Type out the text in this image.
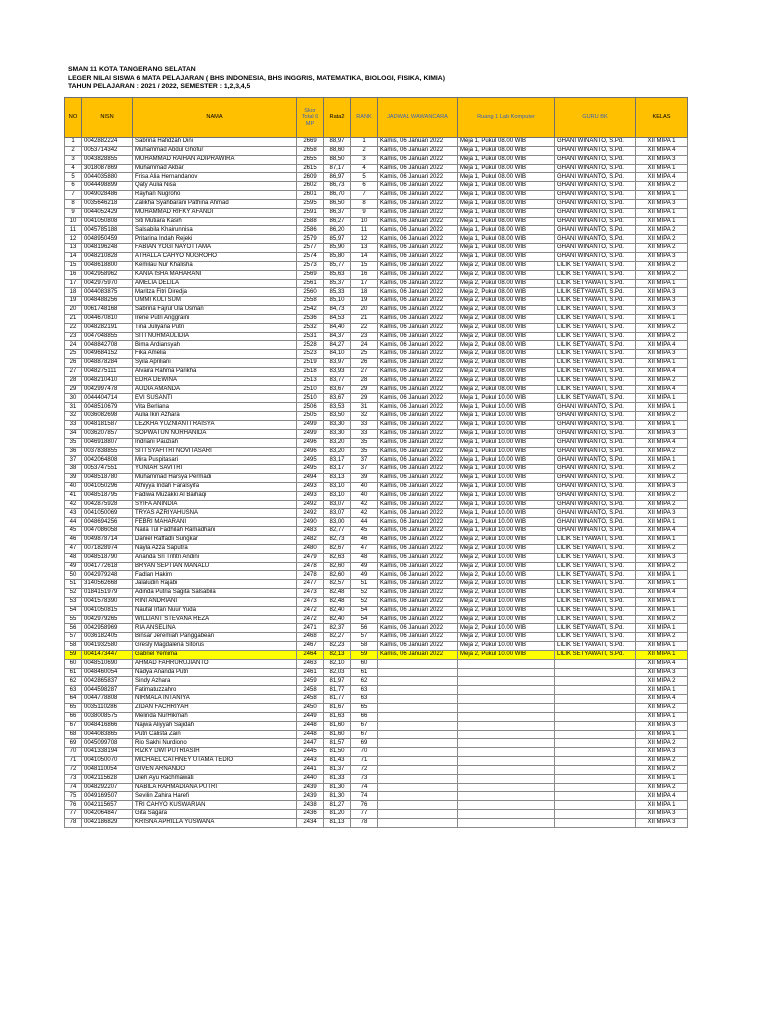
SMAN 11 KOTA TANGERANG SELATAN
LEGER NILAI SISWA 6 MATA PELAJARAN ( BHS INDONESIA, BHS INGGRIS, MATEMATIKA, BIOLOGI, FISIKA, KIMIA)
TAHUN PELAJARAN : 2021 / 2022, SEMESTER : 1,2,3,4,5
NO	NISN	NAMA	Skor Total 6 MP	Rata2	RANK	JADWAL WAWANCARA	Ruang 1 Lab Komputer	GURU BK	KELAS
1	0042882224	Sabrina Hafidzah Dini	2669	88,97	1	Kamis, 06 Januari 2022	Meja 1, Pukul 08.00 WIB	GHANI WINANTO, S.Pd.	XII MIPA 1
2	0053714342	Muhammad Abdul Ghofur	2658	88,60	2	Kamis, 06 Januari 2022	Meja 1, Pukul 08.00 WIB	GHANI WINANTO, S.Pd.	XII MIPA 4
3	0043828855	MUHAMMAD RAIHAN ADIPRAWIRA	2655	88,50	3	Kamis, 06 Januari 2022	Meja 1, Pukul 08.00 WIB	GHANI WINANTO, S.Pd.	XII MIPA 3
4	3018087869	Muhammad Akbar	2615	87,17	4	Kamis, 06 Januari 2022	Meja 1, Pukul 08.00 WIB	GHANI WINANTO, S.Pd.	XII MIPA 1
5	0044035880	Frisa Alia Hernandanov	2609	86,97	5	Kamis, 06 Januari 2022	Meja 1, Pukul 08.00 WIB	GHANI WINANTO, S.Pd.	XII MIPA 4
6	0044498899	Qaty Aulia Nisa	2602	86,73	6	Kamis, 06 Januari 2022	Meja 1, Pukul 08.00 WIB	GHANI WINANTO, S.Pd.	XII MIPA 2
7	0049028486	Rayhan Nugroho	2601	86,70	7	Kamis, 06 Januari 2022	Meja 1, Pukul 08.00 WIB	GHANI WINANTO, S.Pd.	XII MIPA 1
8	0035646218	Zalikha Syahbarani Pathina Ahmad	2595	86,50	8	Kamis, 06 Januari 2022	Meja 1, Pukul 08.00 WIB	GHANI WINANTO, S.Pd.	XII MIPA 3
9	0044052429	MUHAMMAD RIFKY AFANDI	2591	86,37	9	Kamis, 06 Januari 2022	Meja 1, Pukul 08.00 WIB	GHANI WINANTO, S.Pd.	XII MIPA 1
10	0041050808	Siti Mutiara Kasih	2588	86,27	10	Kamis, 06 Januari 2022	Meja 1, Pukul 08.00 WIB	GHANI WINANTO, S.Pd.	XII MIPA 1
11	0045785188	Salsabila Khairunnisa	2586	86,20	11	Kamis, 06 Januari 2022	Meja 1, Pukul 08.00 WIB	GHANI WINANTO, S.Pd.	XII MIPA 2
12	0048950459	Pritarina Indah Rejeki	2579	85,97	12	Kamis, 06 Januari 2022	Meja 1, Pukul 08.00 WIB	GHANI WINANTO, S.Pd.	XII MIPA 2
13	0048196248	FABIAN YOGI NAYOTTAMA	2577	85,90	13	Kamis, 06 Januari 2022	Meja 1, Pukul 08.00 WIB	GHANI WINANTO, S.Pd.	XII MIPA 2
14	0048210828	ATHALLA CAHYO NUGROHO	2574	85,80	14	Kamis, 06 Januari 2022	Meja 1, Pukul 08.00 WIB	GHANI WINANTO, S.Pd.	XII MIPA 3
15	0048618800	Kemilau Nur Khalisha	2573	85,77	15	Kamis, 06 Januari 2022	Meja 2, Pukul 08.00 WIB	LILIK SETYAWATI, S.Pd.	XII MIPA 2
16	0042958962	KANIA ISHA MAHARANI	2569	85,63	16	Kamis, 06 Januari 2022	Meja 2, Pukul 08.00 WIB	LILIK SETYAWATI, S.Pd.	XII MIPA 2
17	0042975970	AMELIA DELILA	2561	85,37	17	Kamis, 06 Januari 2022	Meja 2, Pukul 08.00 WIB	LILIK SETYAWATI, S.Pd.	XII MIPA 1
18	0044083875	Maritza Fitri Diredja	2560	85,33	18	Kamis, 06 Januari 2022	Meja 2, Pukul 08.00 WIB	LILIK SETYAWATI, S.Pd.	XII MIPA 3
19	0048488256	UMMI KULTSUM	2558	85,10	19	Kamis, 06 Januari 2022	Meja 2, Pukul 08.00 WIB	LILIK SETYAWATI, S.Pd.	XII MIPA 3
20	0061748168	Sabrina Fajrul Ula Usman	2542	84,73	20	Kamis, 06 Januari 2022	Meja 2, Pukul 08.00 WIB	LILIK SETYAWATI, S.Pd.	XII MIPA 3
21	0044670810	Irene Putri Anggraini	2536	84,53	21	Kamis, 06 Januari 2022	Meja 2, Pukul 08.00 WIB	LILIK SETYAWATI, S.Pd.	XII MIPA 1
22	0048282191	Tina Juliyana Putri	2532	84,40	22	Kamis, 06 Januari 2022	Meja 2, Pukul 08.00 WIB	LILIK SETYAWATI, S.Pd.	XII MIPA 2
23	0047048855	SITI NURMAULIDIA	2531	84,37	23	Kamis, 06 Januari 2022	Meja 2, Pukul 08.00 WIB	LILIK SETYAWATI, S.Pd.	XII MIPA 2
24	0048842708	Bima Ardiansyah	2528	84,27	24	Kamis, 06 Januari 2022	Meja 2, Pukul 08.00 WIB	LILIK SETYAWATI, S.Pd.	XII MIPA 4
25	0049684152	Fika Amelia	2523	84,10	25	Kamis, 06 Januari 2022	Meja 2, Pukul 08.00 WIB	LILIK SETYAWATI, S.Pd.	XII MIPA 3
26	0048878284	Syila Apriliani	2519	83,97	26	Kamis, 06 Januari 2022	Meja 2, Pukul 08.00 WIB	LILIK SETYAWATI, S.Pd.	XII MIPA 1
27	0048275111	Alvaira Rahma Parikha	2518	83,93	27	Kamis, 06 Januari 2022	Meja 2, Pukul 08.00 WIB	LILIK SETYAWATI, S.Pd.	XII MIPA 4
28	0048210410	EDRA DEWINA	2513	83,77	28	Kamis, 06 Januari 2022	Meja 2, Pukul 08.00 WIB	LILIK SETYAWATI, S.Pd.	XII MIPA 2
29	0042997478	AUDIA AMANDA	2510	83,67	29	Kamis, 06 Januari 2022	Meja 2, Pukul 08.00 WIB	LILIK SETYAWATI, S.Pd.	XII MIPA 4
30	0044404714	EVI SUSANTI	2510	83,67	29	Kamis, 06 Januari 2022	Meja 1, Pukul 10.00 WIB	LILIK SETYAWATI, S.Pd.	XII MIPA 1
31	0048510679	Vita Berliana	2506	83,53	31	Kamis, 06 Januari 2022	Meja 1, Pukul 10.00 WIB	GHANI WINANTO, S.Pd.	XII MIPA 1
32	0036082698	Aulia Ikin Azhara	2505	83,50	32	Kamis, 06 Januari 2022	Meja 1, Pukul 10.00 WIB	GHANI WINANTO, S.Pd.	XII MIPA 2
33	0048181587	LEZKHA YUZNIANTI RAISYA	2499	83,30	33	Kamis, 06 Januari 2022	Meja 1, Pukul 10.00 WIB	GHANI WINANTO, S.Pd.	XII MIPA 1
34	0036207857	SOPWATUN NURHANIDA	2499	83,30	33	Kamis, 06 Januari 2022	Meja 1, Pukul 10.00 WIB	GHANI WINANTO, S.Pd.	XII MIPA 3
35	0046918807	Indriani Pauziah	2496	83,20	35	Kamis, 06 Januari 2022	Meja 1, Pukul 10.00 WIB	GHANI WINANTO, S.Pd.	XII MIPA 4
36	0037838855	SITI SYAFITRI NOVITASARI	2496	83,20	35	Kamis, 06 Januari 2022	Meja 1, Pukul 10.00 WIB	GHANI WINANTO, S.Pd.	XII MIPA 2
37	0042064808	Mira Puspitasari	2495	83,17	37	Kamis, 06 Januari 2022	Meja 1, Pukul 10.00 WIB	GHANI WINANTO, S.Pd.	XII MIPA 1
38	0053747551	YUNIAR SAVITRI	2495	83,17	37	Kamis, 06 Januari 2022	Meja 1, Pukul 10.00 WIB	GHANI WINANTO, S.Pd.	XII MIPA 2
39	0048518780	Muhammad Harsya Permadi	2494	83,13	39	Kamis, 06 Januari 2022	Meja 1, Pukul 10.00 WIB	GHANI WINANTO, S.Pd.	XII MIPA 2
40	0041050296	Athiyya Indah Faralsyifa	2493	83,10	40	Kamis, 06 Januari 2022	Meja 1, Pukul 10.00 WIB	GHANI WINANTO, S.Pd.	XII MIPA 3
41	0048518795	Fadiwa Muzakki Al Baihaqi	2493	83,10	40	Kamis, 06 Januari 2022	Meja 1, Pukul 10.00 WIB	GHANI WINANTO, S.Pd.	XII MIPA 2
42	0042875928	SYIFA ANINDIA	2492	83,07	42	Kamis, 06 Januari 2022	Meja 1, Pukul 10.00 WIB	GHANI WINANTO, S.Pd.	XII MIPA 2
43	0041050069	TRYAS AZRIYAHUSNA	2492	83,07	42	Kamis, 06 Januari 2022	Meja 1, Pukul 10.00 WIB	GHANI WINANTO, S.Pd.	XII MIPA 3
44	0048694256	FEBRI MAHARANI	2490	83,00	44	Kamis, 06 Januari 2022	Meja 1, Pukul 10.00 WIB	GHANI WINANTO, S.Pd.	XII MIPA 1
45	0047086058	Naila Tul Fadhilah Ramadhani	2483	82,77	45	Kamis, 06 Januari 2022	Meja 1, Pukul 10.00 WIB	GHANI WINANTO, S.Pd.	XII MIPA 4
46	0049878714	Daniel Raffadli Sungkar	2482	82,73	46	Kamis, 06 Januari 2022	Meja 2, Pukul 10.00 WIB	LILIK SETYAWATI, S.Pd.	XII MIPA 1
47	0071828974	Nayla Azza Saputra	2480	82,67	47	Kamis, 06 Januari 2022	Meja 2, Pukul 10.00 WIB	LILIK SETYAWATI, S.Pd.	XII MIPA 2
48	0048518790	Ananda Sri Trifitri Andini	2479	82,63	48	Kamis, 06 Januari 2022	Meja 2, Pukul 10.00 WIB	LILIK SETYAWATI, S.Pd.	XII MIPA 3
49	0041772618	BRYAN SEPTIAN MANALU	2478	82,60	49	Kamis, 06 Januari 2022	Meja 2, Pukul 10.00 WIB	LILIK SETYAWATI, S.Pd.	XII MIPA 2
50	0042979248	Fadlan Hakim	2478	82,60	49	Kamis, 06 Januari 2022	Meja 2, Pukul 10.00 WIB	LILIK SETYAWATI, S.Pd.	XII MIPA 1
51	3140562668	Jalaludin Rajabi	2477	82,57	51	Kamis, 06 Januari 2022	Meja 2, Pukul 10.00 WIB	LILIK SETYAWATI, S.Pd.	XII MIPA 1
52	0184151979	Adinda Putria Sagita Salsabila	2473	82,48	52	Kamis, 06 Januari 2022	Meja 2, Pukul 10.00 WIB	LILIK SETYAWATI, S.Pd.	XII MIPA 4
53	0041578390	RINI ANDRIANI	2473	82,48	52	Kamis, 06 Januari 2022	Meja 2, Pukul 10.00 WIB	LILIK SETYAWATI, S.Pd.	XII MIPA 1
54	0041050815	Naufal Irfan Nuur Yuda	2472	82,40	54	Kamis, 06 Januari 2022	Meja 2, Pukul 10.00 WIB	LILIK SETYAWATI, S.Pd.	XII MIPA 1
55	0042979265	WILLIANT STEVANA REZA	2472	82,40	54	Kamis, 06 Januari 2022	Meja 2, Pukul 10.00 WIB	LILIK SETYAWATI, S.Pd.	XII MIPA 2
56	0042958969	RIA ANSELINA	2471	82,37	56	Kamis, 06 Januari 2022	Meja 2, Pukul 10.00 WIB	LILIK SETYAWATI, S.Pd.	XII MIPA 1
57	0036182405	Binsar Jeremiah Panggabean	2468	82,27	57	Kamis, 06 Januari 2022	Meja 2, Pukul 10.00 WIB	LILIK SETYAWATI, S.Pd.	XII MIPA 2
58	0041932580	Gresly Magdalena Sitorus	2467	82,23	58	Kamis, 06 Januari 2022	Meja 2, Pukul 10.00 WIB	LILIK SETYAWATI, S.Pd.	XII MIPA 1
59	0041473447	Gabriel Yemima	2464	82,13	59	Kamis, 06 Januari 2022	Meja 2, Pukul 10.00 WIB	LILIK SETYAWATI, S.Pd.	XII MIPA 1
60	0048510690	AHMAD FAHRURUJIANTO	2463	82,10	60				XII MIPA 4
61	0048460054	Nadya Ananda Putri	2461	82,03	61				XII MIPA 3
62	0042865837	Sindy Azhara	2459	81,97	62				XII MIPA 2
63	0044598287	Fatimatuzzahro	2458	81,77	63				XII MIPA 1
64	0044778808	NIRMALA INTANIYA	2458	81,77	63				XII MIPA 4
65	0035110286	ZIDAN FACHRIYAH	2450	81,67	65				XII MIPA 2
66	0038008575	Melinda NurHikmah	2449	81,63	66				XII MIPA 1
67	0048416866	Najwa Aliyyah Sajidah	2448	81,60	67				XII MIPA 3
68	0044083865	Putri Calista Zain	2448	81,60	67				XII MIPA 1
69	0045099708	Rio Sakhi Nurdiono	2447	81,57	69				XII MIPA 2
70	0041338194	RIZKY DWI PUTRIASIH	2445	81,50	70				XII MIPA 3
71	0041050070	MICHAEL CATHNEY UTAMA TEDIO	2443	81,43	71				XII MIPA 2
72	0048110054	GIVEN ARNANDO	2441	81,37	72				XII MIPA 2
73	0042115628	Dieh Ayu Rachmawati	2440	81,33	73				XII MIPA 1
74	0048292207	NABILA RAHMADIANA PUTRI	2439	81,30	74				XII MIPA 2
75	0049169507	Sevilin Zahira Harefi	2439	81,30	74				XII MIPA 4
76	0042115657	TRI CAHYO KUSWARIAN	2438	81,27	76				XII MIPA 1
77	0042064847	Gita Sagara	2436	81,20	77				XII MIPA 3
78	0042186829	KRISNA APRILLA YUSWANA	2434	81,13	78				XII MIPA 3
